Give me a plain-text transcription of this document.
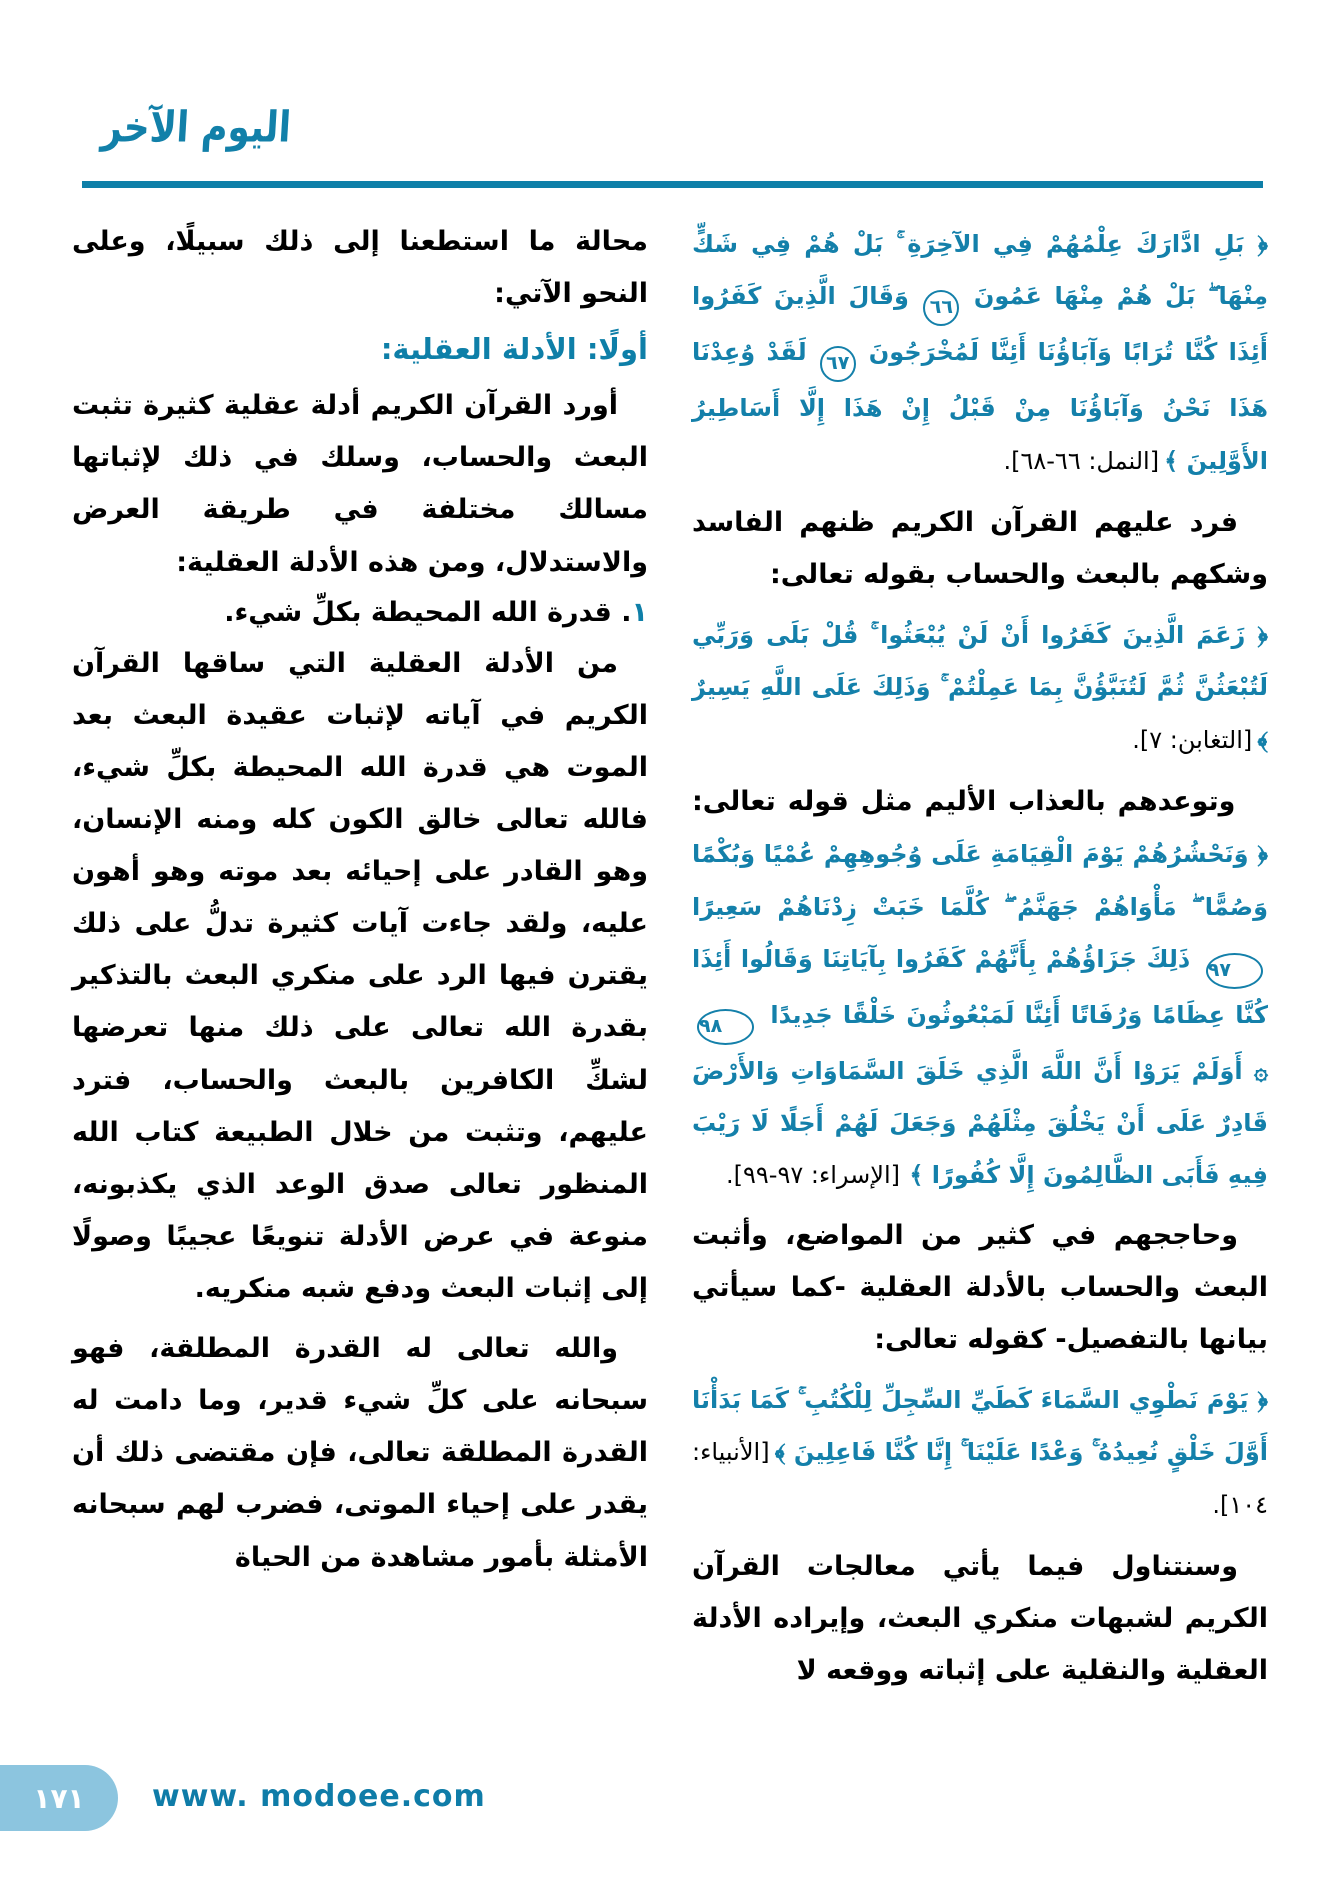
اليوم الآخر
﴿ بَلِ ادَّارَكَ عِلْمُهُمْ فِي الآخِرَةِ ۚ بَلْ هُمْ فِي شَكٍّ مِنْهَا ۖ بَلْ هُمْ مِنْهَا عَمُونَ ٦٦ وَقَالَ الَّذِينَ كَفَرُوا أَئِذَا كُنَّا تُرَابًا وَآبَاؤُنَا أَئِنَّا لَمُخْرَجُونَ ٦٧ لَقَدْ وُعِدْنَا هَذَا نَحْنُ وَآبَاؤُنَا مِنْ قَبْلُ إِنْ هَذَا إِلَّا أَسَاطِيرُ الأَوَّلِينَ ﴾ [النمل: ٦٦-٦٨].

فرد عليهم القرآن الكريم ظنهم الفاسد وشكهم بالبعث والحساب بقوله تعالى:

﴿ زَعَمَ الَّذِينَ كَفَرُوا أَنْ لَنْ يُبْعَثُوا ۚ قُلْ بَلَى وَرَبِّي لَتُبْعَثُنَّ ثُمَّ لَتُنَبَّؤُنَّ بِمَا عَمِلْتُمْ ۚ وَذَلِكَ عَلَى اللَّهِ يَسِيرٌ ﴾ [التغابن: ٧].

وتوعدهم بالعذاب الأليم مثل قوله تعالى: ﴿ وَنَحْشُرُهُمْ يَوْمَ الْقِيَامَةِ عَلَى وُجُوهِهِمْ عُمْيًا وَبُكْمًا وَصُمًّا ۖ مَأْوَاهُمْ جَهَنَّمُ ۖ كُلَّمَا خَبَتْ زِدْنَاهُمْ سَعِيرًا ٩٧ ذَلِكَ جَزَاؤُهُمْ بِأَنَّهُمْ كَفَرُوا بِآيَاتِنَا وَقَالُوا أَئِذَا كُنَّا عِظَامًا وَرُفَاتًا أَئِنَّا لَمَبْعُوثُونَ خَلْقًا جَدِيدًا ٩٨ ۞ أَوَلَمْ يَرَوْا أَنَّ اللَّهَ الَّذِي خَلَقَ السَّمَاوَاتِ وَالأَرْضَ قَادِرٌ عَلَى أَنْ يَخْلُقَ مِثْلَهُمْ وَجَعَلَ لَهُمْ أَجَلًا لَا رَيْبَ فِيهِ فَأَبَى الظَّالِمُونَ إِلَّا كُفُورًا ﴾ [الإسراء: ٩٧-٩٩].

وحاججهم في كثير من المواضع، وأثبت البعث والحساب بالأدلة العقلية -كما سيأتي بيانها بالتفصيل- كقوله تعالى:

﴿ يَوْمَ نَطْوِي السَّمَاءَ كَطَيِّ السِّجِلِّ لِلْكُتُبِ ۚ كَمَا بَدَأْنَا أَوَّلَ خَلْقٍ نُعِيدُهُ ۚ وَعْدًا عَلَيْنَا ۚ إِنَّا كُنَّا فَاعِلِينَ ﴾ [الأنبياء: ١٠٤].

وسنتناول فيما يأتي معالجات القرآن الكريم لشبهات منكري البعث، وإيراده الأدلة العقلية والنقلية على إثباته ووقعه لا

محالة ما استطعنا إلى ذلك سبيلًا، وعلى النحو الآتي:

أولًا: الأدلة العقلية:

أورد القرآن الكريم أدلة عقلية كثيرة تثبت البعث والحساب، وسلك في ذلك لإثباتها مسالك مختلفة في طريقة العرض والاستدلال، ومن هذه الأدلة العقلية:

١. قدرة الله المحيطة بكلِّ شيء.

من الأدلة العقلية التي ساقها القرآن الكريم في آياته لإثبات عقيدة البعث بعد الموت هي قدرة الله المحيطة بكلِّ شيء، فالله تعالى خالق الكون كله ومنه الإنسان، وهو القادر على إحيائه بعد موته وهو أهون عليه، ولقد جاءت آيات كثيرة تدلُّ على ذلك يقترن فيها الرد على منكري البعث بالتذكير بقدرة الله تعالى على ذلك منها تعرضها لشكِّ الكافرين بالبعث والحساب، فترد عليهم، وتثبت من خلال الطبيعة كتاب الله المنظور تعالى صدق الوعد الذي يكذبونه، منوعة في عرض الأدلة تنويعًا عجيبًا وصولًا إلى إثبات البعث ودفع شبه منكريه.

والله تعالى له القدرة المطلقة، فهو سبحانه على كلِّ شيء قدير، وما دامت له القدرة المطلقة تعالى، فإن مقتضى ذلك أن يقدر على إحياء الموتى، فضرب لهم سبحانه الأمثلة بأمور مشاهدة من الحياة

١٧١ www. modoee.com
